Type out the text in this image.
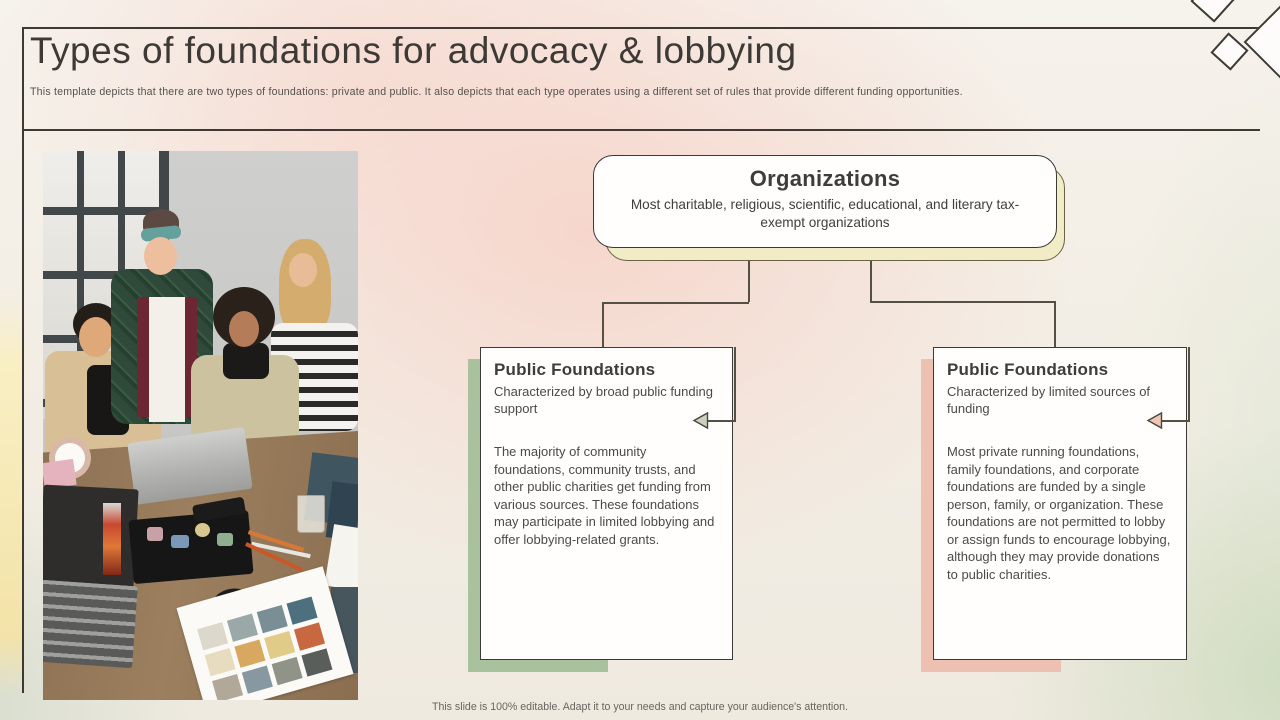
Types of foundations for advocacy & lobbying

This template depicts that there are two types of foundations: private and public. It also depicts that each type operates using a different set of rules that provide different funding opportunities.

Organizations

Most charitable, religious, scientific, educational, and literary tax-exempt organizations

Public Foundations
Characterized by broad public funding support
The majority of community foundations, community trusts, and other public charities get funding from various sources. These foundations may participate in limited lobbying and offer lobbying-related grants.
Public Foundations
Characterized by limited sources of funding
Most private running foundations, family foundations, and corporate foundations are funded by a single person, family, or organization. These foundations are not permitted to lobby or assign funds to encourage lobbying, although they may provide donations to public charities.
This slide is 100% editable. Adapt it to your needs and capture your audience's attention.
